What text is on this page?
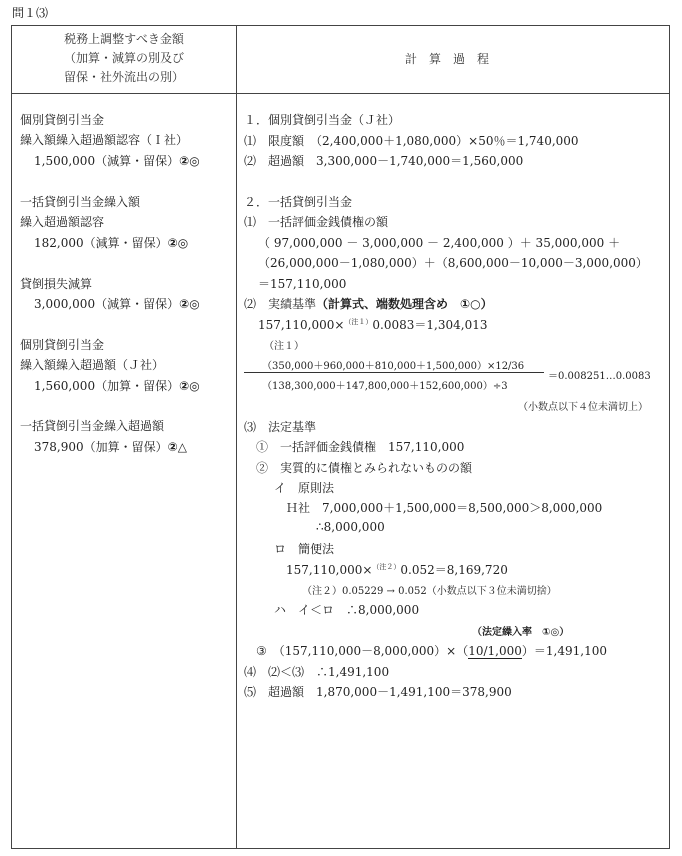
問１⑶
税務上調整すべき金額
（加算・減算の別及び
留保・社外流出の別）
計算過程
個別貸倒引当金
繰入額繰入超過額認容（Ｉ社）
1,500,000（減算・留保）②◎
一括貸倒引当金繰入額
繰入超過額認容
182,000（減算・留保）②◎
貸倒損失減算
3,000,000（減算・留保）②◎
個別貸倒引当金
繰入額繰入超過額（Ｊ社）
1,560,000（加算・留保）②◎
一括貸倒引当金繰入超過額
378,900（加算・留保）②△
１．個別貸倒引当金（Ｊ社）
⑴　限度額　（2,400,000＋1,080,000）×50％＝1,740,000
⑵　超過額　3,300,000－1,740,000＝1,560,000
２．一括貸倒引当金
⑴　一括評価金銭債権の額
（ 97,000,000 － 3,000,000 － 2,400,000 ）＋ 35,000,000 ＋
（26,000,000－1,080,000）＋（8,600,000－10,000－3,000,000）
＝157,110,000
⑵　実績基準（計算式、端数処理含め　①○）
157,110,000×$^{(注1)}$0.0083＝1,304,013
（注１）
（350,000＋960,000＋810,000＋1,500,000）×12/36
＝0.008251…0.0083
（138,300,000＋147,800,000＋152,600,000）÷3
（小数点以下４位未満切上）
⑶　法定基準
①　一括評価金銭債権　157,110,000
②　実質的に債権とみられないものの額
イ　原則法
Ｈ社　7,000,000＋1,500,000＝8,500,000＞8,000,000
∴8,000,000
ロ　簡便法
157,110,000×$^{(注2)}$0.052＝8,169,720
（注２）0.05229 → 0.052（小数点以下３位未満切捨）
ハ　イ＜ロ　∴8,000,000
（法定繰入率　①◎）
③　（157,110,000－8,000,000）×（10/1,000）＝1,491,100
⑷　⑵＜⑶　∴1,491,100
⑸　超過額　1,870,000－1,491,100＝378,900
